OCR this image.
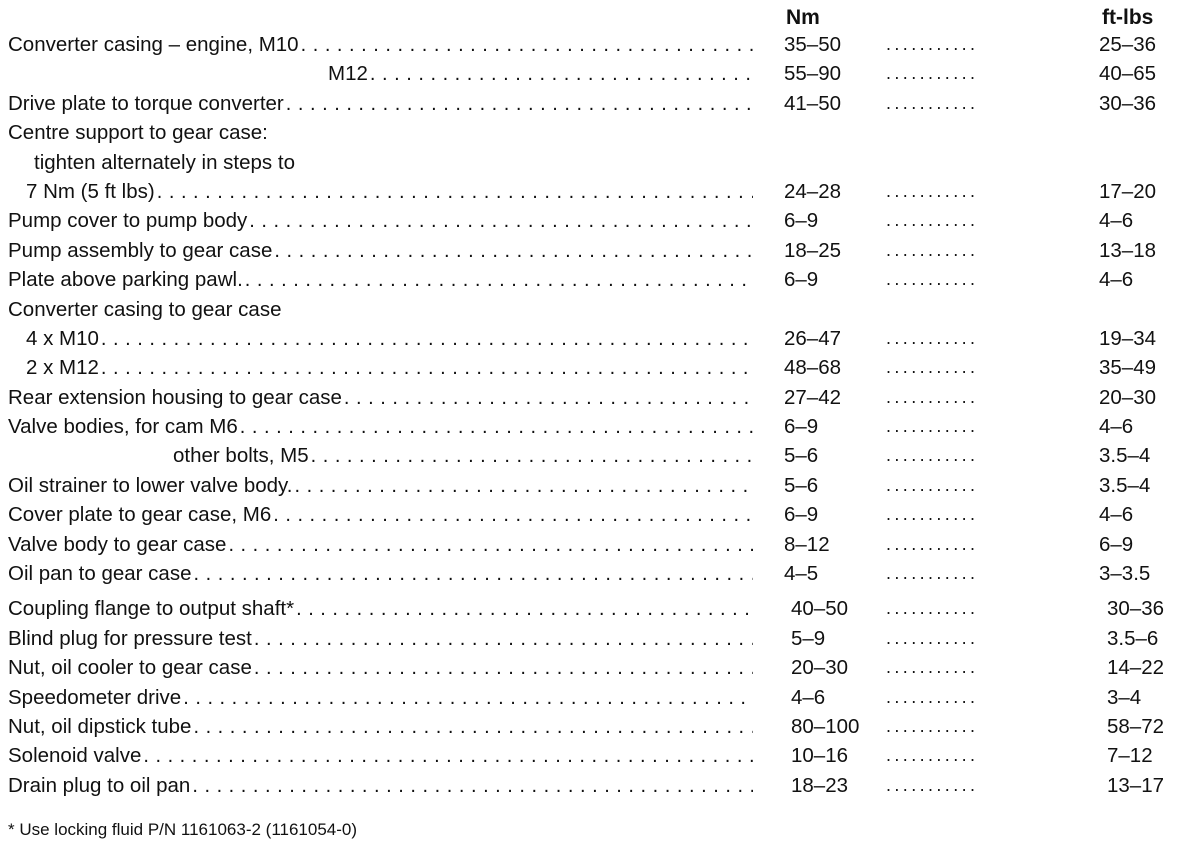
Nm	ft-lbs
Converter casing – engine, M10 . . .	35–50 ...........	25–36
M12 . . .	55–90 ...........	40–65
Drive plate to torque converter . . .	41–50 ...........	30–36
Centre support to gear case:
tighten alternately in steps to
7 Nm (5 ft lbs) . . .	24–28 ...........	17–20
Pump cover to pump body . . .	6–9	...........	4–6
Pump assembly to gear case . . .	18–25 ...........	13–18
Plate above parking pawl. . . .	6–9	...........	4–6
Converter casing to gear case
4 x M10 . . .	26–47 ...........	19–34
2 x M12 . . .	48–68 ...........	35–49
Rear extension housing to gear case . . .	27–42 ...........	20–30
Valve bodies, for cam M6 . . .	6–9	...........	4–6
other bolts, M5 . . .	5–6	...........	3.5–4
Oil strainer to lower valve body. . . .	5–6	...........	3.5–4
Cover plate to gear case, M6 . . .	6–9	...........	4–6
Valve body to gear case . . .	8–12	...........	6–9
Oil pan to gear case . . .	4–5	...........	3–3.5
Coupling flange to output shaft* . . .	40–50 ...........	30–36
Blind plug for pressure test . . .	5–9	...........	3.5–6
Nut, oil cooler to gear case . . .	20–30 ...........	14–22
Speedometer drive . . .	4–6	...........	3–4
Nut, oil dipstick tube . . .	80–100 ...........	58–72
Solenoid valve . . .	10–16 ...........	7–12
Drain plug to oil pan . . .	18–23 ...........	13–17
* Use locking fluid P/N 1161063-2 (1161054-0)
